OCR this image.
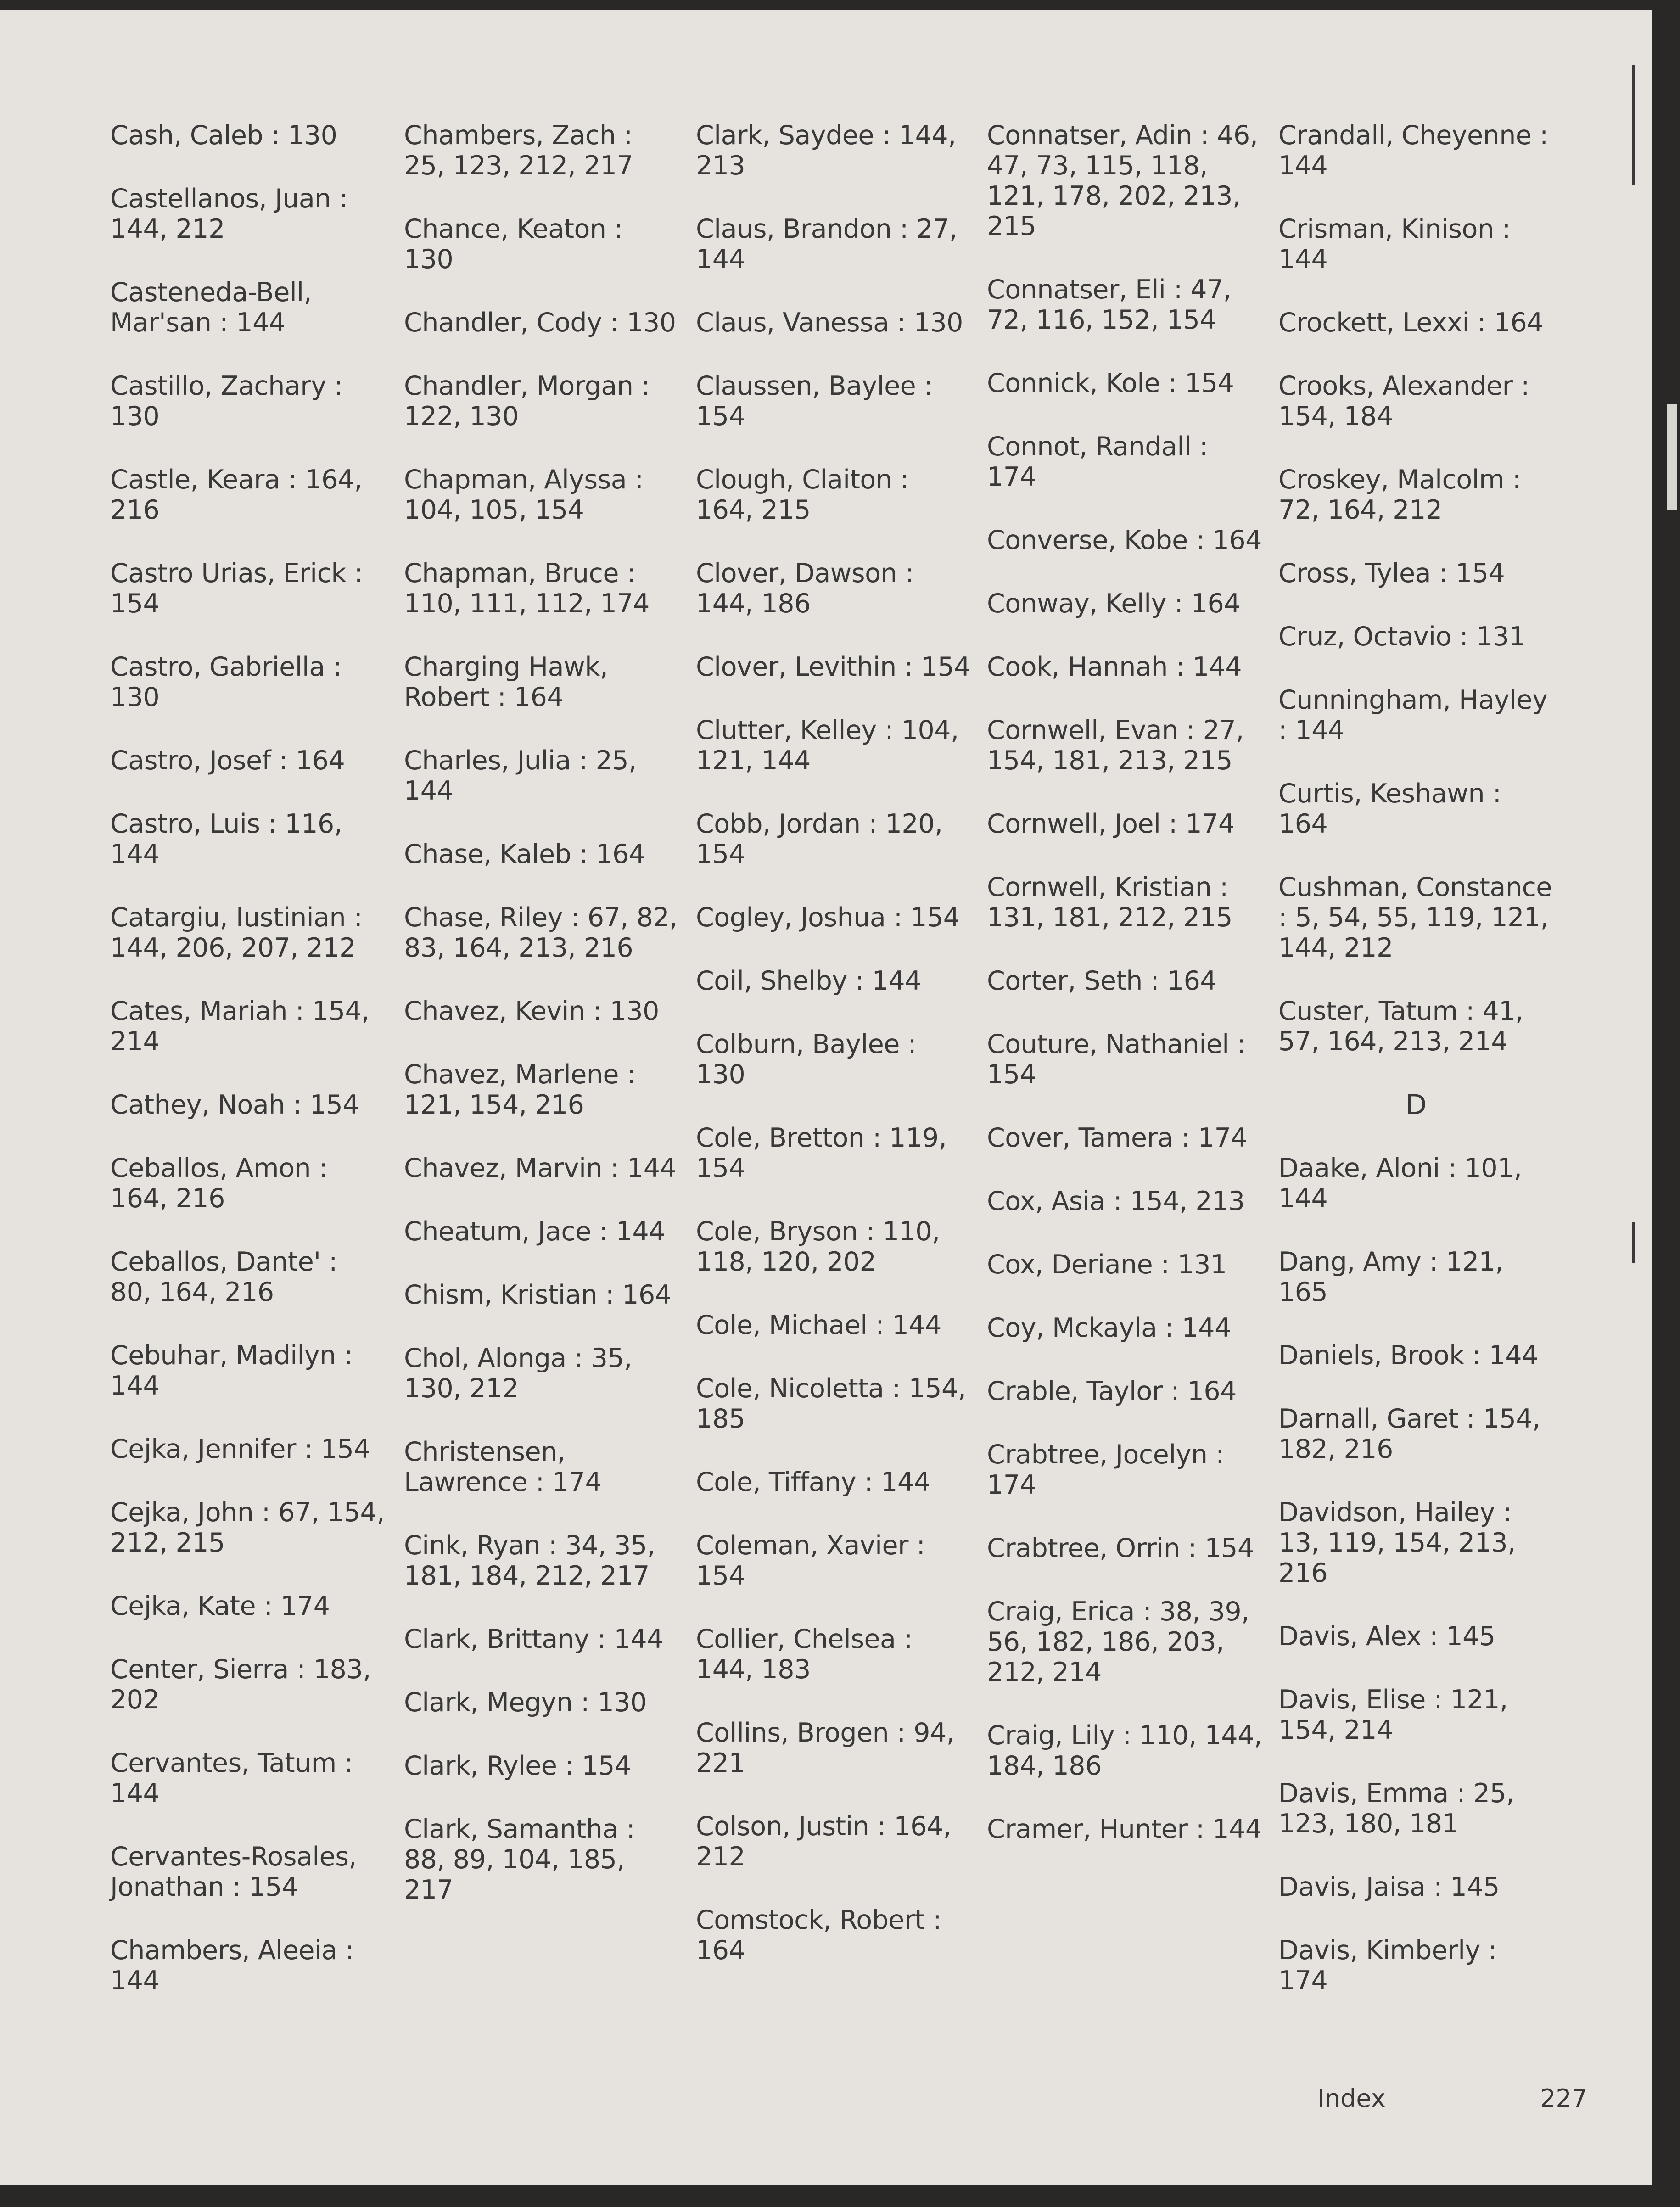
Cash, Caleb : 130
Castellanos, Juan : 144, 212
Casteneda-Bell, Mar'san : 144
Castillo, Zachary : 130
Castle, Keara : 164, 216
Castro Urias, Erick : 154
Castro, Gabriella : 130
Castro, Josef : 164
Castro, Luis : 116, 144
Catargiu, Iustinian : 144, 206, 207, 212
Cates, Mariah : 154, 214
Cathey, Noah : 154
Ceballos, Amon : 164, 216
Ceballos, Dante' : 80, 164, 216
Cebuhar, Madilyn : 144
Cejka, Jennifer : 154
Cejka, John : 67, 154, 212, 215
Cejka, Kate : 174
Center, Sierra : 183, 202
Cervantes, Tatum : 144
Cervantes-Rosales, Jonathan : 154
Chambers, Aleeia : 144
Chambers, Zach : 25, 123, 212, 217
Chance, Keaton : 130
Chandler, Cody : 130
Chandler, Morgan : 122, 130
Chapman, Alyssa : 104, 105, 154
Chapman, Bruce : 110, 111, 112, 174
Charging Hawk, Robert : 164
Charles, Julia : 25, 144
Chase, Kaleb : 164
Chase, Riley : 67, 82, 83, 164, 213, 216
Chavez, Kevin : 130
Chavez, Marlene : 121, 154, 216
Chavez, Marvin : 144
Cheatum, Jace : 144
Chism, Kristian : 164
Chol, Alonga : 35, 130, 212
Christensen, Lawrence : 174
Cink, Ryan : 34, 35, 181, 184, 212, 217
Clark, Brittany : 144
Clark, Megyn : 130
Clark, Rylee : 154
Clark, Samantha : 88, 89, 104, 185, 217
Clark, Saydee : 144, 213
Claus, Brandon : 27, 144
Claus, Vanessa : 130
Claussen, Baylee : 154
Clough, Claiton : 164, 215
Clover, Dawson : 144, 186
Clover, Levithin : 154
Clutter, Kelley : 104, 121, 144
Cobb, Jordan : 120, 154
Cogley, Joshua : 154
Coil, Shelby : 144
Colburn, Baylee : 130
Cole, Bretton : 119, 154
Cole, Bryson : 110, 118, 120, 202
Cole, Michael : 144
Cole, Nicoletta : 154, 185
Cole, Tiffany : 144
Coleman, Xavier : 154
Collier, Chelsea : 144, 183
Collins, Brogen : 94, 221
Colson, Justin : 164, 212
Comstock, Robert : 164
Connatser, Adin : 46, 47, 73, 115, 118, 121, 178, 202, 213, 215
Connatser, Eli : 47, 72, 116, 152, 154
Connick, Kole : 154
Connot, Randall : 174
Converse, Kobe : 164
Conway, Kelly : 164
Cook, Hannah : 144
Cornwell, Evan : 27, 154, 181, 213, 215
Cornwell, Joel : 174
Cornwell, Kristian : 131, 181, 212, 215
Corter, Seth : 164
Couture, Nathaniel : 154
Cover, Tamera : 174
Cox, Asia : 154, 213
Cox, Deriane : 131
Coy, Mckayla : 144
Crable, Taylor : 164
Crabtree, Jocelyn : 174
Crabtree, Orrin : 154
Craig, Erica : 38, 39, 56, 182, 186, 203, 212, 214
Craig, Lily : 110, 144, 184, 186
Cramer, Hunter : 144
Crandall, Cheyenne : 144
Crisman, Kinison : 144
Crockett, Lexxi : 164
Crooks, Alexander : 154, 184
Croskey, Malcolm : 72, 164, 212
Cross, Tylea : 154
Cruz, Octavio : 131
Cunningham, Hayley : 144
Curtis, Keshawn : 164
Cushman, Constance : 5, 54, 55, 119, 121, 144, 212
Custer, Tatum : 41, 57, 164, 213, 214
D
Daake, Aloni : 101, 144
Dang, Amy : 121, 165
Daniels, Brook : 144
Darnall, Garet : 154, 182, 216
Davidson, Hailey : 13, 119, 154, 213, 216
Davis, Alex : 145
Davis, Elise : 121, 154, 214
Davis, Emma : 25, 123, 180, 181
Davis, Jaisa : 145
Davis, Kimberly : 174
Index	227
